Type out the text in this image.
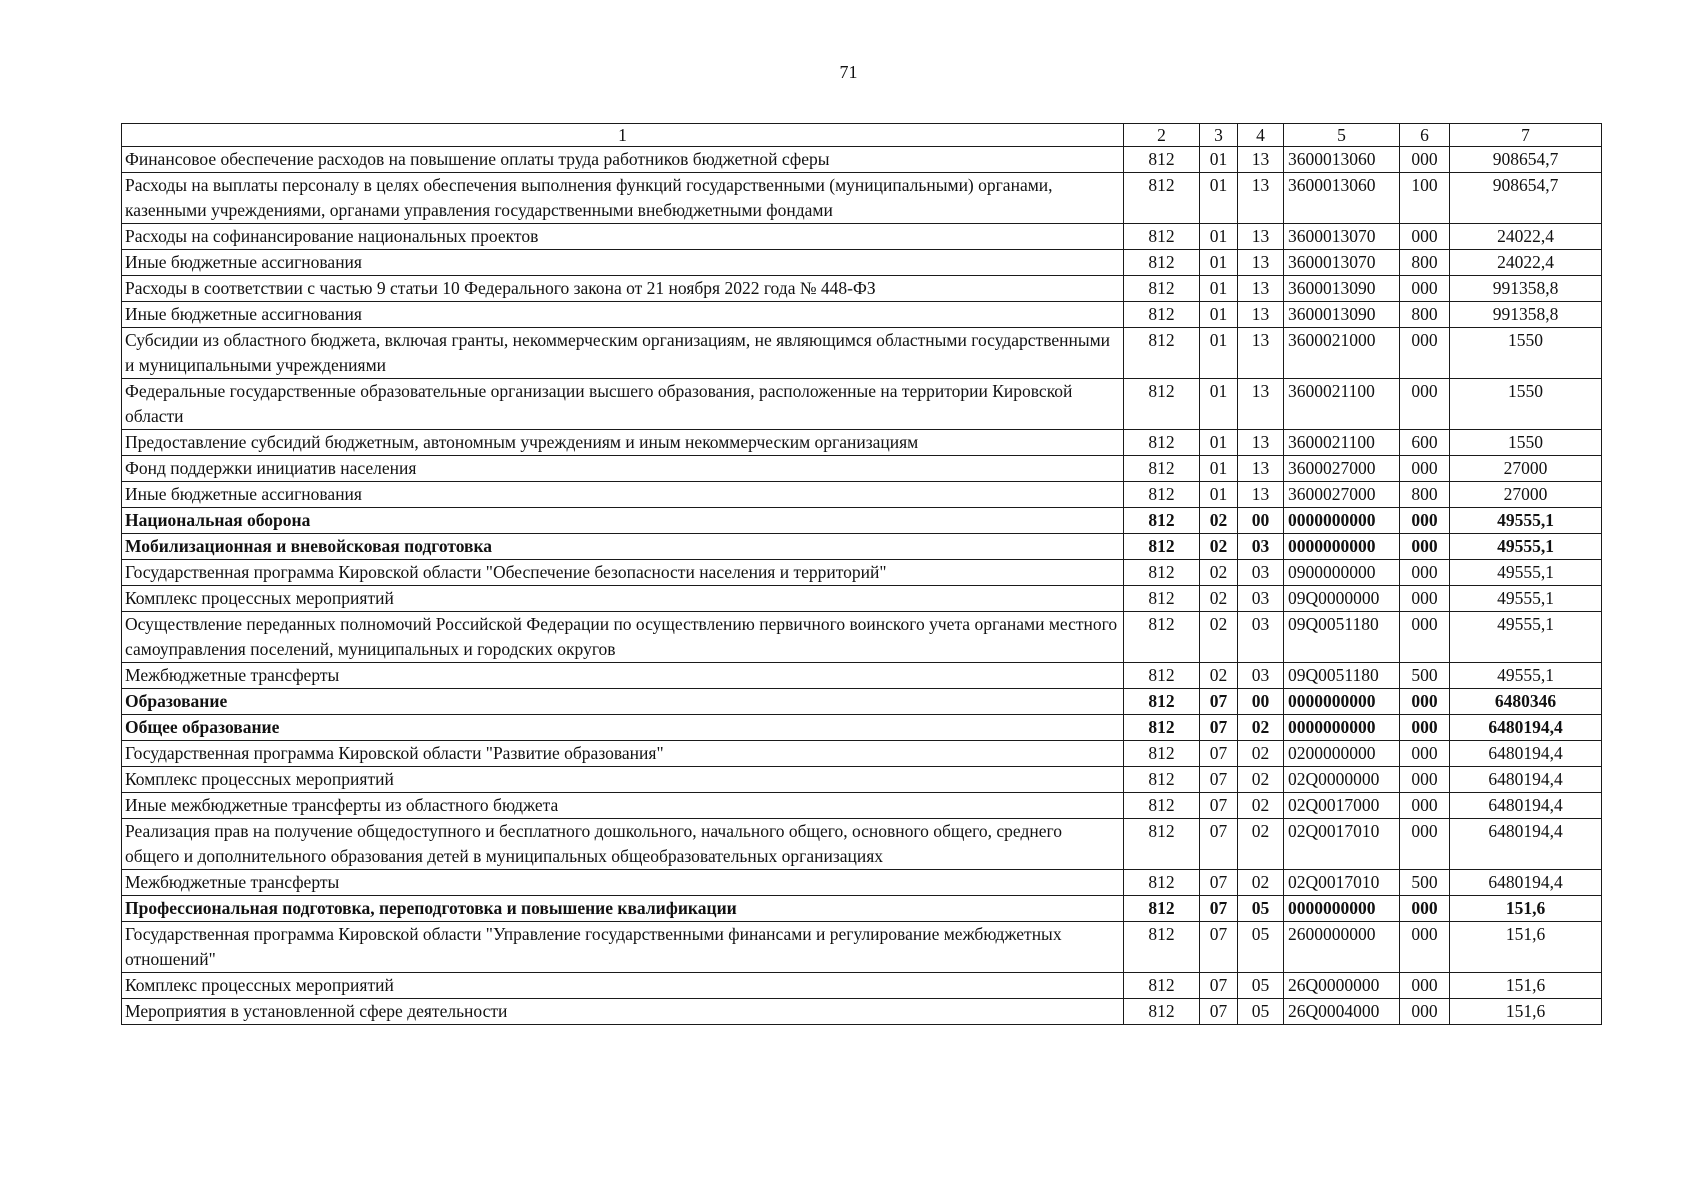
71
1	2	3	4	5	6	7
Финансовое обеспечение расходов на повышение оплаты труда работников бюджетной сферы	812	01	13	3600013060	000	908654,7
Расходы на выплаты персоналу в целях обеспечения выполнения функций государственными (муниципальными) органами, казенными учреждениями, органами управления государственными внебюджетными фондами	812	01	13	3600013060	100	908654,7
Расходы на софинансирование национальных проектов	812	01	13	3600013070	000	24022,4
Иные бюджетные ассигнования	812	01	13	3600013070	800	24022,4
Расходы в соответствии с частью 9 статьи 10 Федерального закона от 21 ноября 2022 года № 448-ФЗ	812	01	13	3600013090	000	991358,8
Иные бюджетные ассигнования	812	01	13	3600013090	800	991358,8
Субсидии из областного бюджета, включая гранты, некоммерческим организациям, не являющимся областными государственными и муниципальными учреждениями	812	01	13	3600021000	000	1550
Федеральные государственные образовательные организации высшего образования, расположенные на территории Кировской области	812	01	13	3600021100	000	1550
Предоставление субсидий бюджетным, автономным учреждениям и иным некоммерческим организациям	812	01	13	3600021100	600	1550
Фонд поддержки инициатив населения	812	01	13	3600027000	000	27000
Иные бюджетные ассигнования	812	01	13	3600027000	800	27000
Национальная оборона	812	02	00	0000000000	000	49555,1
Мобилизационная и вневойсковая подготовка	812	02	03	0000000000	000	49555,1
Государственная программа Кировской области "Обеспечение безопасности населения и территорий"	812	02	03	0900000000	000	49555,1
Комплекс процессных мероприятий	812	02	03	09Q0000000	000	49555,1
Осуществление переданных полномочий Российской Федерации по осуществлению первичного воинского учета органами местного самоуправления поселений, муниципальных и городских округов	812	02	03	09Q0051180	000	49555,1
Межбюджетные трансферты	812	02	03	09Q0051180	500	49555,1
Образование	812	07	00	0000000000	000	6480346
Общее образование	812	07	02	0000000000	000	6480194,4
Государственная программа Кировской области "Развитие образования"	812	07	02	0200000000	000	6480194,4
Комплекс процессных мероприятий	812	07	02	02Q0000000	000	6480194,4
Иные межбюджетные трансферты из областного бюджета	812	07	02	02Q0017000	000	6480194,4
Реализация прав на получение общедоступного и бесплатного дошкольного, начального общего, основного общего, среднего общего и дополнительного образования детей в муниципальных общеобразовательных организациях	812	07	02	02Q0017010	000	6480194,4
Межбюджетные трансферты	812	07	02	02Q0017010	500	6480194,4
Профессиональная подготовка, переподготовка и повышение квалификации	812	07	05	0000000000	000	151,6
Государственная программа Кировской области "Управление государственными финансами и регулирование межбюджетных отношений"	812	07	05	2600000000	000	151,6
Комплекс процессных мероприятий	812	07	05	26Q0000000	000	151,6
Мероприятия в установленной сфере деятельности	812	07	05	26Q0004000	000	151,6
